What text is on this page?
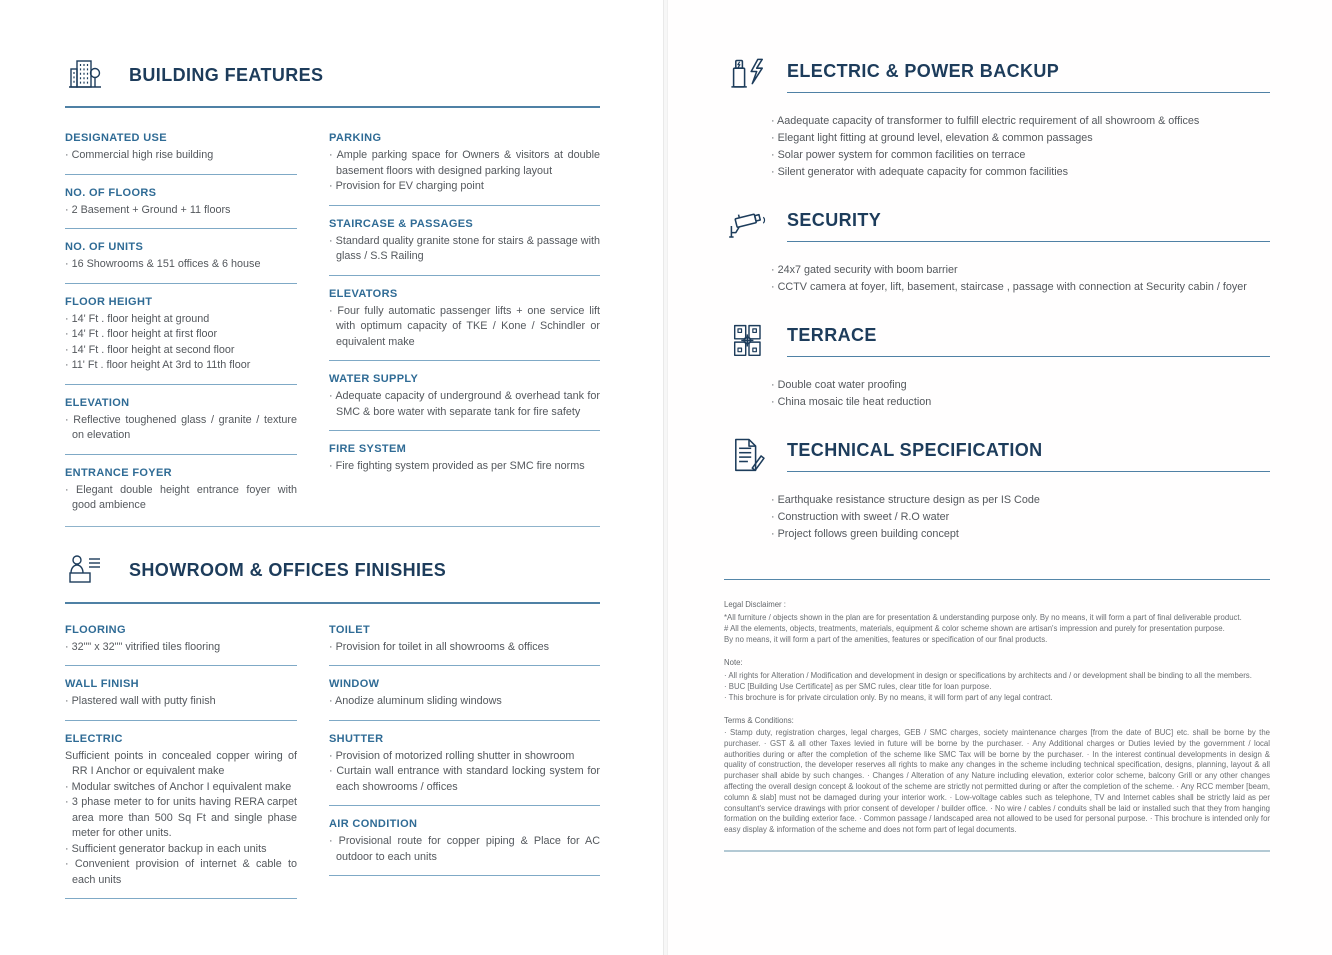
BUILDING FEATURES
DESIGNATED USE
· Commercial high rise building
NO. OF FLOORS
· 2 Basement + Ground + 11 floors
NO. OF UNITS
· 16 Showrooms & 151 offices & 6 house
FLOOR HEIGHT
· 14' Ft . floor height at ground
· 14' Ft . floor height at first floor
· 14' Ft . floor height at second floor
· 11' Ft . floor height At 3rd to 11th floor
ELEVATION
· Reflective toughened glass / granite / texture on elevation
ENTRANCE FOYER
· Elegant double height entrance foyer with good ambience
PARKING
· Ample parking space for Owners & visitors at double basement floors with designed parking layout
· Provision for EV charging point
STAIRCASE & PASSAGES
· Standard quality granite stone for stairs & passage with glass / S.S Railing
ELEVATORS
· Four fully automatic passenger lifts + one service lift with optimum capacity of TKE / Kone / Schindler or equivalent make
WATER SUPPLY
· Adequate capacity of underground & overhead tank for SMC & bore water with separate tank for fire safety
FIRE SYSTEM
· Fire fighting system provided as per SMC fire norms
SHOWROOM & OFFICES FINISHIES
FLOORING
· 32"" x 32"" vitrified tiles flooring
WALL FINISH
· Plastered wall with putty finish
ELECTRIC
Sufficient points in concealed copper wiring of RR I Anchor or equivalent make
· Modular switches of Anchor I equivalent make
· 3 phase meter to for units having RERA carpet area more than 500 Sq Ft and single phase meter for other units.
· Sufficient generator backup in each units
· Convenient provision of internet & cable to each units
TOILET
· Provision for toilet in all showrooms & offices
WINDOW
· Anodize aluminum sliding windows
SHUTTER
· Provision of motorized rolling shutter in showroom
· Curtain wall entrance with standard locking system for each showrooms / offices
AIR CONDITION
· Provisional route for copper piping & Place for AC outdoor to each units
ELECTRIC & POWER BACKUP
· Aadequate capacity of transformer to fulfill electric requirement of all showroom & offices
· Elegant light fitting at ground level, elevation & common passages
· Solar power system for common facilities on terrace
· Silent generator with adequate capacity for common facilities
SECURITY
· 24x7 gated security with boom barrier
· CCTV camera at foyer, lift, basement, staircase , passage with connection at Security cabin / foyer
TERRACE
· Double coat water proofing
· China mosaic tile heat reduction
TECHNICAL SPECIFICATION
· Earthquake resistance structure design as per IS Code
· Construction with sweet / R.O water
· Project follows green building concept
Legal Disclaimer :
*All furniture / objects shown in the plan are for presentation & understanding purpose only. By no means, it will form a part of final deliverable product.
# All the elements, objects, treatments, materials, equipment & color scheme shown are artisan's impression and purely for presentation purpose.
By no means, it will form a part of the amenities, features or specification of our final products.
Note:
· All rights for Alteration / Modification and development in design or specifications by architects and / or development shall be binding to all the members.
· BUC [Building Use Certificate] as per SMC rules, clear title for loan purpose.
· This brochure is for private circulation only. By no means, it will form part of any legal contract.
Terms & Conditions:
· Stamp duty, registration charges, legal charges, GEB / SMC charges, society maintenance charges [from the date of BUC] etc. shall be borne by the purchaser. · GST & all other Taxes levied in future will be borne by the purchaser. · Any Additional charges or Duties levied by the government / local authorities during or after the completion of the scheme like SMC Tax will be borne by the purchaser. · In the interest continual developments in design & quality of construction, the developer reserves all rights to make any changes in the scheme including technical specification, designs, planning, layout & all purchaser shall abide by such changes. · Changes / Alteration of any Nature including elevation, exterior color scheme, balcony Grill or any other changes affecting the overall design concept & lookout of the scheme are strictly not permitted during or after the completion of the scheme. · Any RCC member [beam, column & slab] must not be damaged during your interior work. · Low-voltage cables such as telephone, TV and Internet cables shall be strictly laid as per consultant's service drawings with prior consent of developer / builder office. · No wire / cables / conduits shall be laid or installed such that they from hanging formation on the building exterior face. · Common passage / landscaped area not allowed to be used for personal purpose. · This brochure is intended only for easy display & information of the scheme and does not form part of legal documents.
